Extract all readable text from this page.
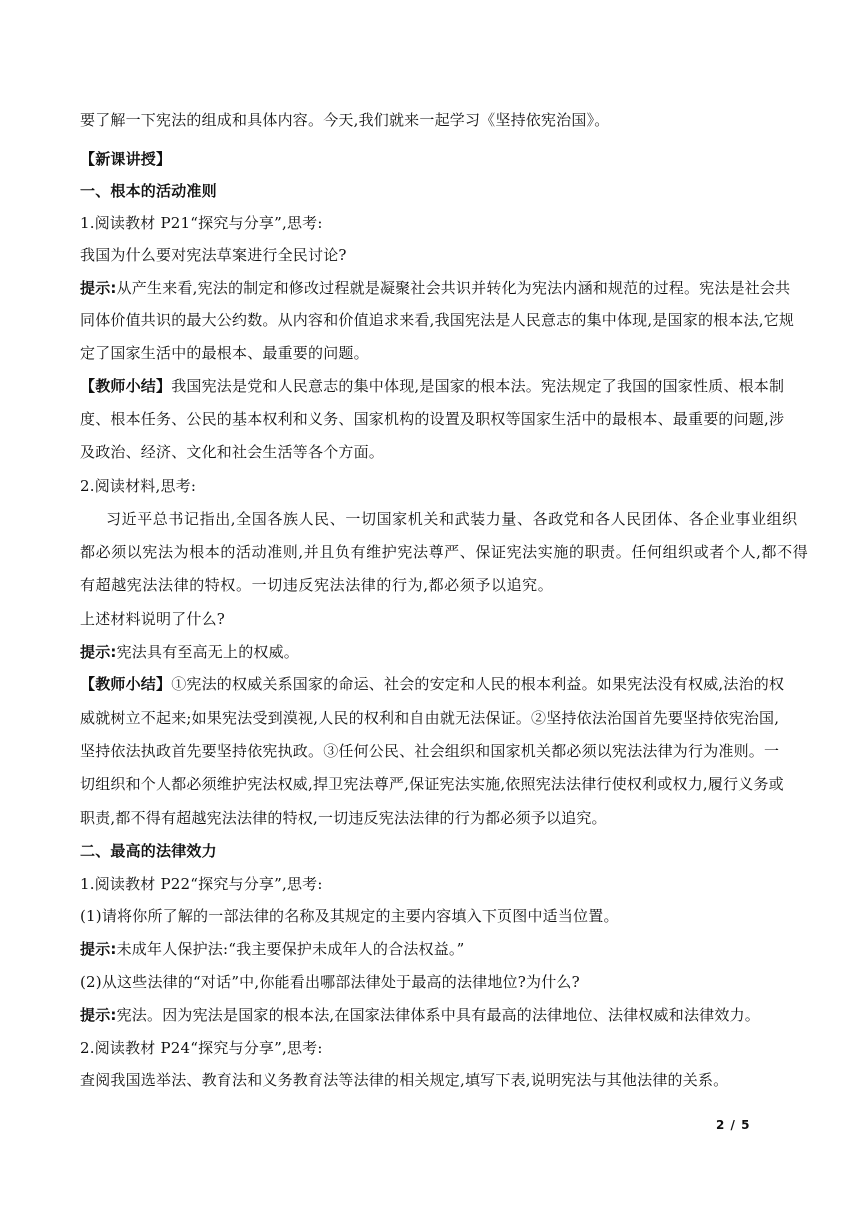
要了解一下宪法的组成和具体内容。今天,我们就来一起学习《坚持依宪治国》。
【新课讲授】
一、根本的活动准则
1.阅读教材 P21“探究与分享”,思考:
我国为什么要对宪法草案进行全民讨论?
提示:从产生来看,宪法的制定和修改过程就是凝聚社会共识并转化为宪法内涵和规范的过程。宪法是社会共
同体价值共识的最大公约数。从内容和价值追求来看,我国宪法是人民意志的集中体现,是国家的根本法,它规
定了国家生活中的最根本、最重要的问题。
【教师小结】我国宪法是党和人民意志的集中体现,是国家的根本法。宪法规定了我国的国家性质、根本制
度、根本任务、公民的基本权利和义务、国家机构的设置及职权等国家生活中的最根本、最重要的问题,涉
及政治、经济、文化和社会生活等各个方面。
2.阅读材料,思考:
习近平总书记指出,全国各族人民、一切国家机关和武装力量、各政党和各人民团体、各企业事业组织
都必须以宪法为根本的活动准则,并且负有维护宪法尊严、保证宪法实施的职责。任何组织或者个人,都不得
有超越宪法法律的特权。一切违反宪法法律的行为,都必须予以追究。
上述材料说明了什么?
提示:宪法具有至高无上的权威。
【教师小结】①宪法的权威关系国家的命运、社会的安定和人民的根本利益。如果宪法没有权威,法治的权
威就树立不起来;如果宪法受到漠视,人民的权利和自由就无法保证。②坚持依法治国首先要坚持依宪治国,
坚持依法执政首先要坚持依宪执政。③任何公民、社会组织和国家机关都必须以宪法法律为行为准则。一
切组织和个人都必须维护宪法权威,捍卫宪法尊严,保证宪法实施,依照宪法法律行使权利或权力,履行义务或
职责,都不得有超越宪法法律的特权,一切违反宪法法律的行为都必须予以追究。
二、最高的法律效力
1.阅读教材 P22“探究与分享”,思考:
(1)请将你所了解的一部法律的名称及其规定的主要内容填入下页图中适当位置。
提示:未成年人保护法:“我主要保护未成年人的合法权益。”
(2)从这些法律的“对话”中,你能看出哪部法律处于最高的法律地位?为什么?
提示:宪法。因为宪法是国家的根本法,在国家法律体系中具有最高的法律地位、法律权威和法律效力。
2.阅读教材 P24“探究与分享”,思考:
查阅我国选举法、教育法和义务教育法等法律的相关规定,填写下表,说明宪法与其他法律的关系。
2 / 5
